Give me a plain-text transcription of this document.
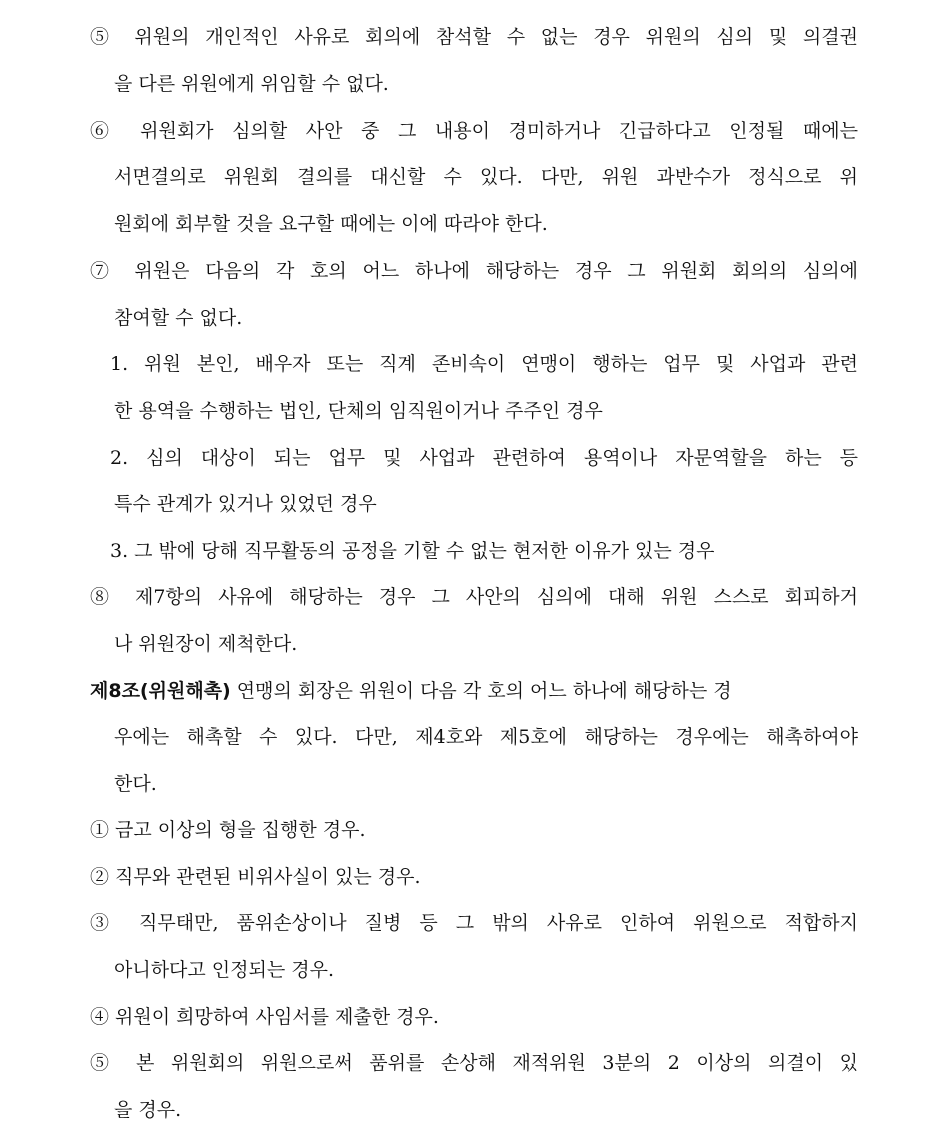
⑤ 위원의 개인적인 사유로 회의에 참석할 수 없는 경우 위원의 심의 및 의결권
을 다른 위원에게 위임할 수 없다.
⑥ 위원회가 심의할 사안 중 그 내용이 경미하거나 긴급하다고 인정될 때에는
서면결의로 위원회 결의를 대신할 수 있다. 다만, 위원 과반수가 정식으로 위
원회에 회부할 것을 요구할 때에는 이에 따라야 한다.
⑦ 위원은 다음의 각 호의 어느 하나에 해당하는 경우 그 위원회 회의의 심의에
참여할 수 없다.
1. 위원 본인, 배우자 또는 직계 존비속이 연맹이 행하는 업무 및 사업과 관련
한 용역을 수행하는 법인, 단체의 임직원이거나 주주인 경우
2. 심의 대상이 되는 업무 및 사업과 관련하여 용역이나 자문역할을 하는 등
특수 관계가 있거나 있었던 경우
3. 그 밖에 당해 직무활동의 공정을 기할 수 없는 현저한 이유가 있는 경우
⑧ 제7항의 사유에 해당하는 경우 그 사안의 심의에 대해 위원 스스로 회피하거
나 위원장이 제척한다.
제8조(위원해촉) 연맹의 회장은 위원이 다음 각 호의 어느 하나에 해당하는 경
우에는 해촉할 수 있다. 다만, 제4호와 제5호에 해당하는 경우에는 해촉하여야
한다.
① 금고 이상의 형을 집행한 경우.
② 직무와 관련된 비위사실이 있는 경우.
③ 직무태만, 품위손상이나 질병 등 그 밖의 사유로 인하여 위원으로 적합하지
아니하다고 인정되는 경우.
④ 위원이 희망하여 사임서를 제출한 경우.
⑤ 본 위원회의 위원으로써 품위를 손상해 재적위원 3분의 2 이상의 의결이 있
을 경우.
